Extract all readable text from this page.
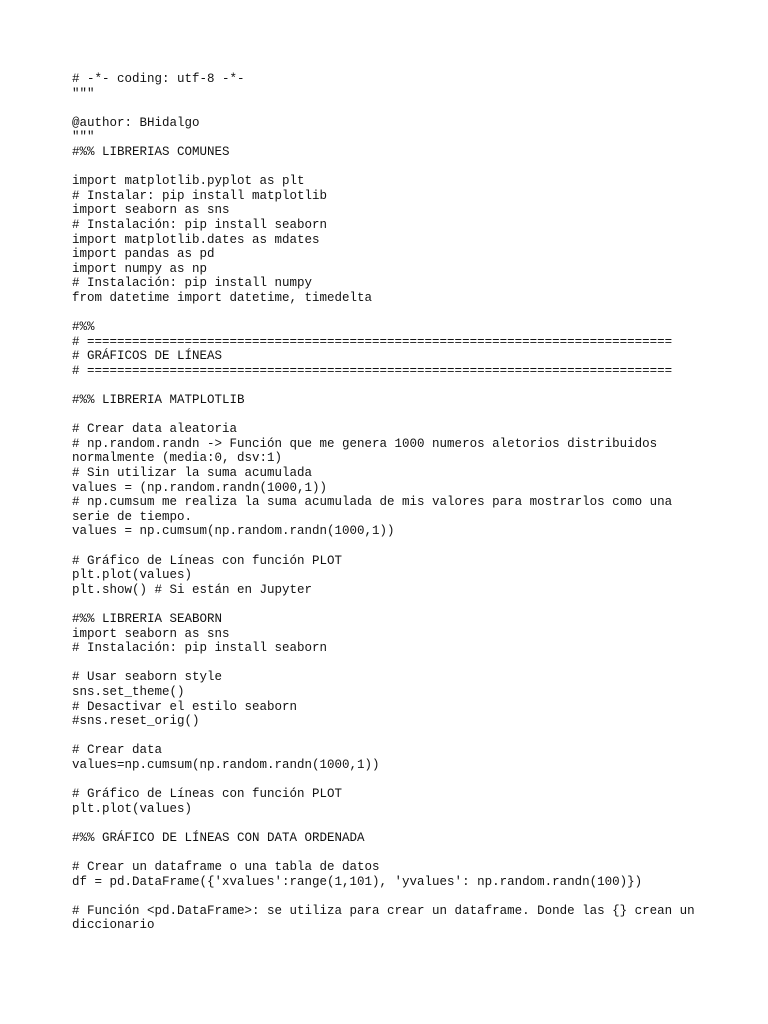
# -*- coding: utf-8 -*-
"""
@author: BHidalgo
"""
#%% LIBRERIAS COMUNES
import matplotlib.pyplot as plt
# Instalar: pip install matplotlib
import seaborn as sns
# Instalación: pip install seaborn
import matplotlib.dates as mdates
import pandas as pd
import numpy as np
# Instalación: pip install numpy
from datetime import datetime, timedelta
#%%
# ==============================================================================
# GRÁFICOS DE LÍNEAS
# ==============================================================================
#%% LIBRERIA MATPLOTLIB
# Crear data aleatoria
# np.random.randn -> Función que me genera 1000 numeros aletorios distribuidos
normalmente (media:0, dsv:1)
# Sin utilizar la suma acumulada
values = (np.random.randn(1000,1))
# np.cumsum me realiza la suma acumulada de mis valores para mostrarlos como una
serie de tiempo.
values = np.cumsum(np.random.randn(1000,1))
# Gráfico de Líneas con función PLOT
plt.plot(values)
plt.show() # Si están en Jupyter
#%% LIBRERIA SEABORN
import seaborn as sns
# Instalación: pip install seaborn
# Usar seaborn style
sns.set_theme()
# Desactivar el estilo seaborn
#sns.reset_orig()
# Crear data
values=np.cumsum(np.random.randn(1000,1))
# Gráfico de Líneas con función PLOT
plt.plot(values)
#%% GRÁFICO DE LÍNEAS CON DATA ORDENADA
# Crear un dataframe o una tabla de datos
df = pd.DataFrame({'xvalues':range(1,101), 'yvalues': np.random.randn(100)})
# Función <pd.DataFrame>: se utiliza para crear un dataframe. Donde las {} crean un
diccionario
